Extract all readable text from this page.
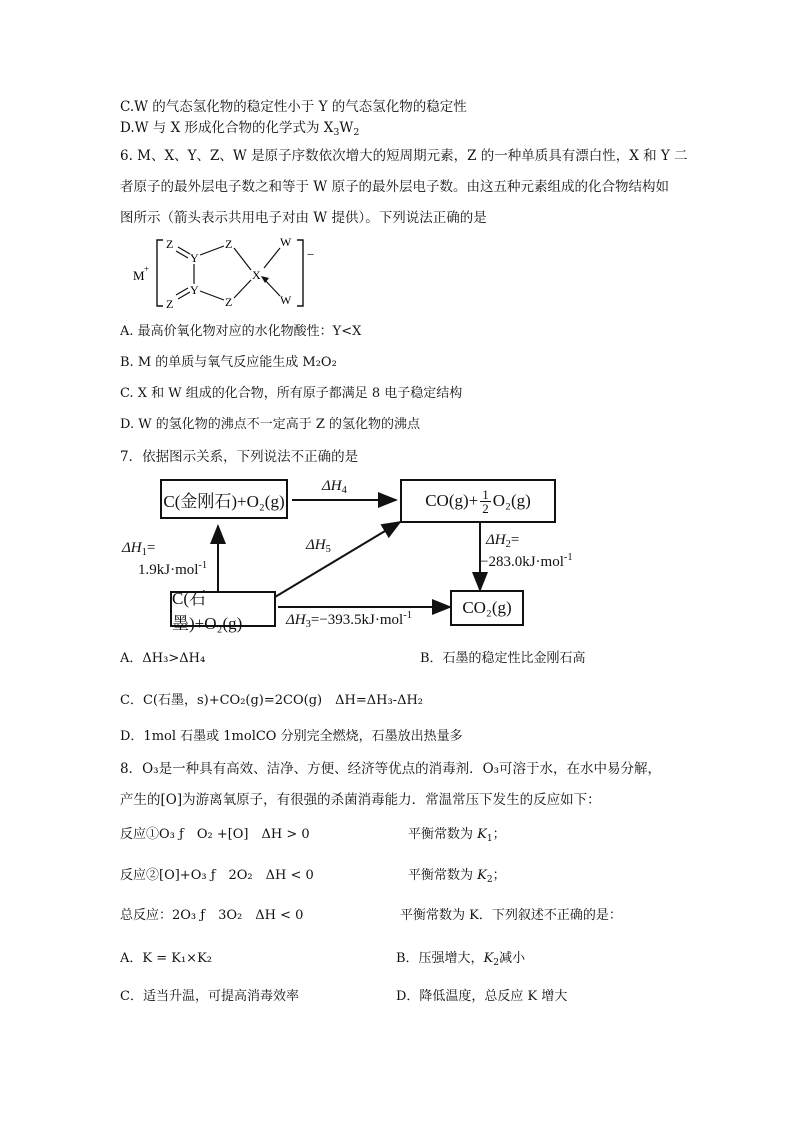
C.W 的气态氢化物的稳定性小于 Y 的气态氢化物的稳定性
D.W 与 X 形成化合物的化学式为 $X_3W_2$
6. M、X、Y、Z、W 是原子序数依次增大的短周期元素，Z 的一种单质具有漂白性，X 和 Y 二
者原子的最外层电子数之和等于 W 原子的最外层电子数。由这五种元素组成的化合物结构如
图所示（箭头表示共用电子对由 W 提供）。下列说法正确的是
M +
Z
Y
Z
X
W
Y
Z	Z	W
−
A. 最高价氧化物对应的水化物酸性：Y<X
B. M 的单质与氧气反应能生成 M₂O₂
C. X 和 W 组成的化合物，所有原子都满足 8 电子稳定结构
D. W 的氢化物的沸点不一定高于 Z 的氢化物的沸点
7．依据图示关系，下列说法不正确的是
C(金刚石)+O₂(g)	$CO(g)+ \frac{1}{2} O_2(g)$
C(石墨)+O₂(g)
CO₂(g)
$\Delta H_4$
$\Delta H_5$
$\Delta H_1=$
1.9kJ·mol$^{-1}$
$\Delta H_2=$
−283.0kJ·mol$^{-1}$
$\Delta H_3=-393.5kJ\cdot mol^{-1}$
A．ΔH₃>ΔH₄	B．石墨的稳定性比金刚石高
C．C(石墨，s)+CO₂(g)=2CO(g)　ΔH=ΔH₃-ΔH₂
D．1mol 石墨或 1molCO 分别完全燃烧，石墨放出热量多
8．O₃是一种具有高效、洁净、方便、经济等优点的消毒剂．O₃可溶于水，在水中易分解，
产生的[O]为游离氧原子，有很强的杀菌消毒能力．常温常压下发生的反应如下：
反应①O₃ ƒ　O₂ +[O]　ΔH > 0	平衡常数为 $K_1$；
反应②[O]+O₃ ƒ　2O₂　ΔH < 0	平衡常数为 $K_2$；
总反应：2O₃ ƒ　3O₂　ΔH < 0	平衡常数为 K．下列叙述不正确的是：
A．K = K₁×K₂	B．压强增大，$K_2$减小
C．适当升温，可提高消毒效率	D．降低温度，总反应 K 增大
